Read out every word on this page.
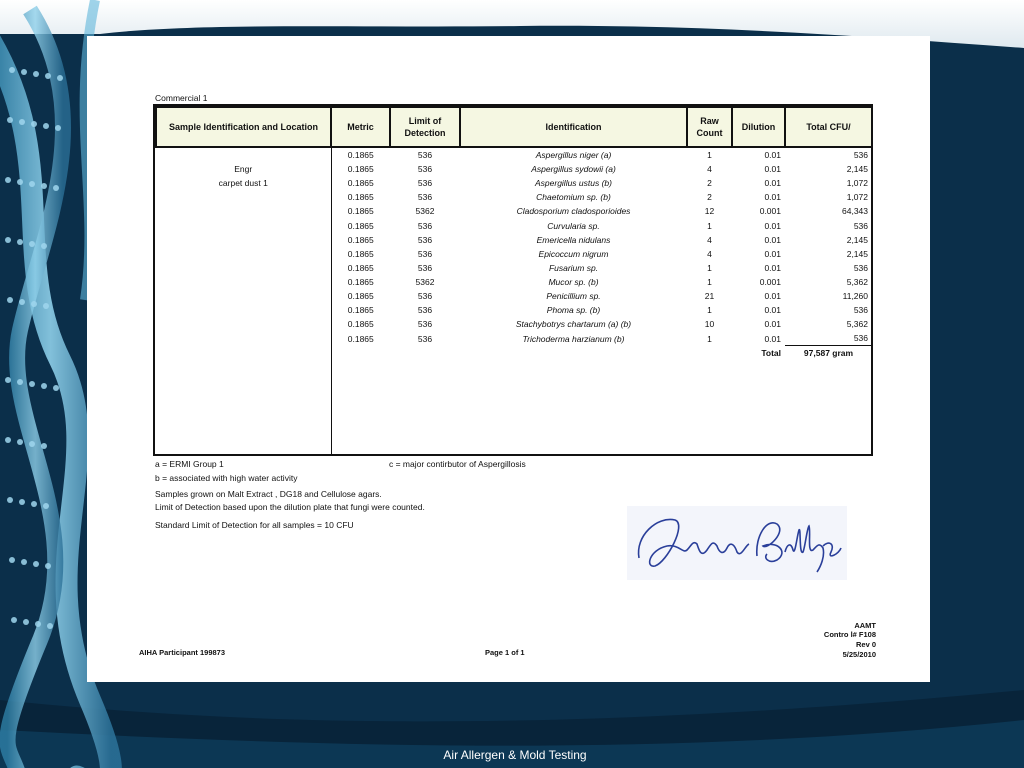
Commercial 1
Sample Identification and Location	Metric	Limit of Detection	Identification	Raw Count	Dilution	Total CFU/
	0.1865	536	Aspergillus niger (a)	1	0.01	536
Engr	0.1865	536	Aspergillus sydowii (a)	4	0.01	2,145
carpet dust 1	0.1865	536	Aspergillus ustus (b)	2	0.01	1,072
	0.1865	536	Chaetomium sp. (b)	2	0.01	1,072
	0.1865	5362	Cladosporium cladosporioides	12	0.001	64,343
	0.1865	536	Curvularia sp.	1	0.01	536
	0.1865	536	Emericella nidulans	4	0.01	2,145
	0.1865	536	Epicoccum nigrum	4	0.01	2,145
	0.1865	536	Fusarium sp.	1	0.01	536
	0.1865	5362	Mucor sp. (b)	1	0.001	5,362
	0.1865	536	Penicillium sp.	21	0.01	11,260
	0.1865	536	Phoma sp. (b)	1	0.01	536
	0.1865	536	Stachybotrys chartarum (a) (b)	10	0.01	5,362
	0.1865	536	Trichoderma harzianum (b)	1	0.01	536
					Total	97,587 gram

a = ERMI Group 1	c = major contirbutor of Aspergillosis
b = associated with high water activity
Samples grown on Malt Extract , DG18 and Cellulose agars.
Limit of Detection based upon the dilution plate that fungi were counted.
Standard Limit of Detection for all samples = 10 CFU
AIHA Participant 199873	Page 1 of 1
AAMT
Contro l# F108
Rev 0
5/25/2010
Air Allergen & Mold Testing
